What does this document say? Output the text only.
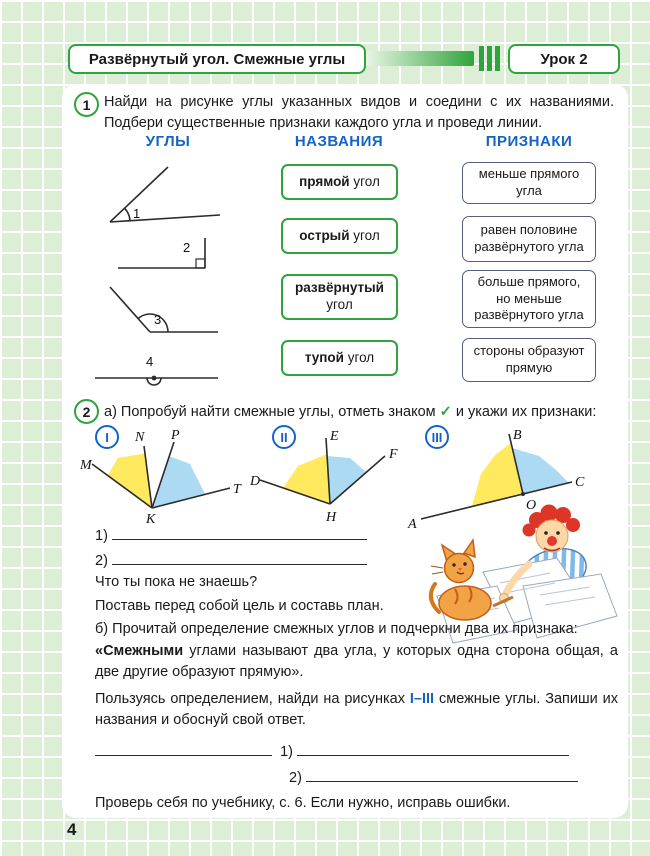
Развёрнутый угол. Смежные углы	Урок 2
1 Найди на рисунке углы указанных видов и соедини с их названиями. Подбери существенные признаки каждого угла и проведи линии.
УГЛЫ	НАЗВАНИЯ	ПРИЗНАКИ
1
2
3
4
прямой угол
острый угол
развёрнутый угол
тупой угол
меньше прямого угла
равен половине развёрнутого угла
больше прямого, но меньше развёрнутого угла
стороны образуют прямую
2 а) Попробуй найти смежные углы, отметь знаком ✓ и укажи их признаки:
I	II	III
M
N P
T
K
D
E
F
H	A
B
C
O
1)
2)
Что ты пока не знаешь?
Поставь перед собой цель и составь план.
б) Прочитай определение смежных углов и подчеркни два их признака:
«Смежными углами называют два угла, у которых одна сторона общая, а две другие образуют прямую».
Пользуясь определением, найди на рисунках I–III смежные углы. Запиши их названия и обоснуй свой ответ.
1)
2)
Проверь себя по учебнику, с. 6. Если нужно, исправь ошибки.
4
